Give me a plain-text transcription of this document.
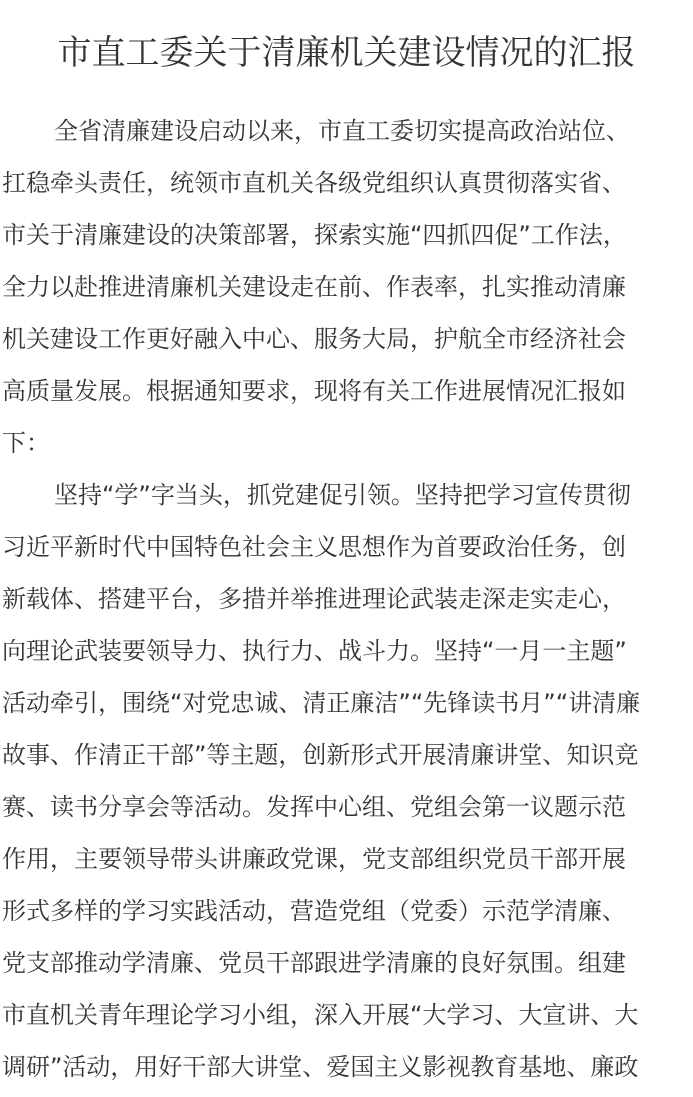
市直工委关于清廉机关建设情况的汇报
全省清廉建设启动以来，市直工委切实提高政治站位、
扛稳牵头责任，统领市直机关各级党组织认真贯彻落实省、
市关于清廉建设的决策部署，探索实施“四抓四促”工作法，
全力以赴推进清廉机关建设走在前、作表率，扎实推动清廉
机关建设工作更好融入中心、服务大局，护航全市经济社会
高质量发展。根据通知要求，现将有关工作进展情况汇报如
下：
坚持“学”字当头，抓党建促引领。坚持把学习宣传贯彻
习近平新时代中国特色社会主义思想作为首要政治任务，创
新载体、搭建平台，多措并举推进理论武装走深走实走心，
向理论武装要领导力、执行力、战斗力。坚持“一月一主题”
活动牵引，围绕“对党忠诚、清正廉洁”“先锋读书月”“讲清廉
故事、作清正干部”等主题，创新形式开展清廉讲堂、知识竞
赛、读书分享会等活动。发挥中心组、党组会第一议题示范
作用，主要领导带头讲廉政党课，党支部组织党员干部开展
形式多样的学习实践活动，营造党组（党委）示范学清廉、
党支部推动学清廉、党员干部跟进学清廉的良好氛围。组建
市直机关青年理论学习小组，深入开展“大学习、大宣讲、大
调研”活动，用好干部大讲堂、爱国主义影视教育基地、廉政
